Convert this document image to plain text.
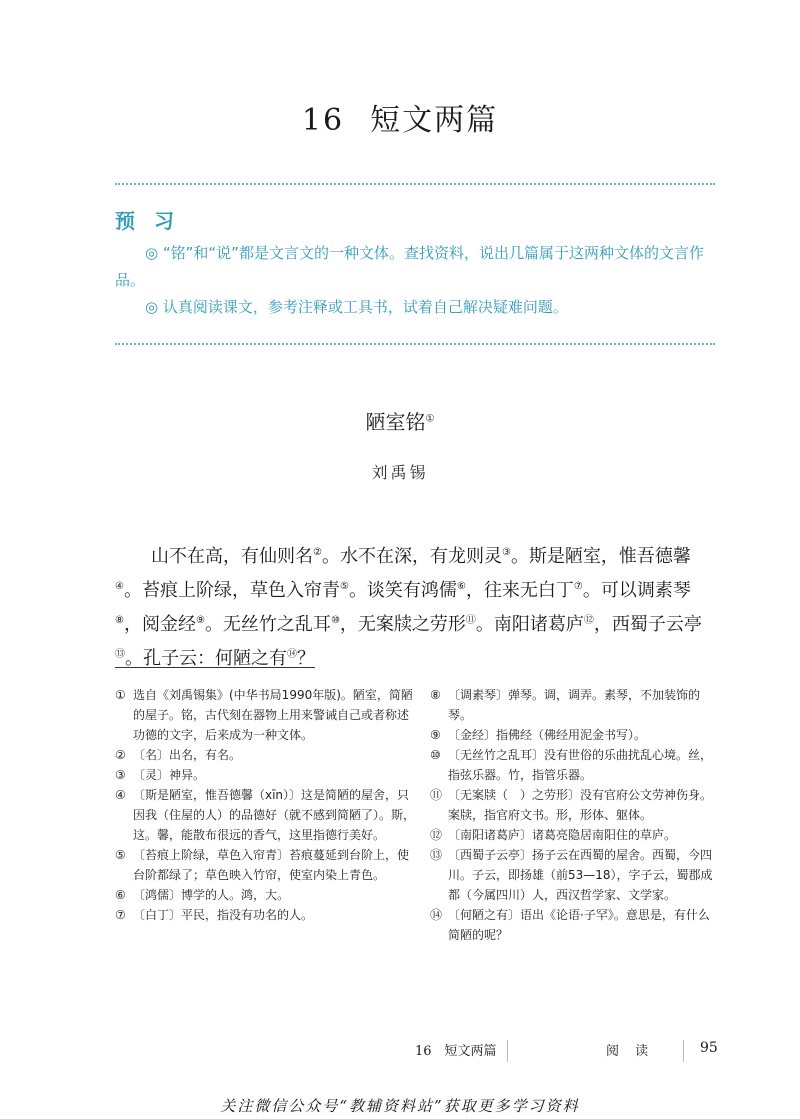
16 短文两篇
预 习
◎ “铭”和“说”都是文言文的一种文体。查找资料，说出几篇属于这两种文体的文言作品。
◎ 认真阅读课文，参考注释或工具书，试着自己解决疑难问题。
陋室铭①
刘禹锡
山不在高，有仙则名②。水不在深，有龙则灵③。斯是陋室，惟吾德馨④。苔痕上阶绿，草色入帘青⑤。谈笑有鸿儒⑥，往来无白丁⑦。可以调素琴⑧，阅金经⑨。无丝竹之乱耳⑩，无案牍之劳形⑪。南阳诸葛庐⑫，西蜀子云亭⑬。孔子云：何陋之有⑭？
① 选自《刘禹锡集》(中华书局1990年版)。陋室，简陋的屋子。铭，古代刻在器物上用来警诫自己或者称述功德的文字，后来成为一种文体。
② 〔名〕出名，有名。
③ 〔灵〕神异。
④ 〔斯是陋室，惟吾德馨（xīn）〕这是简陋的屋舍，只因我（住屋的人）的品德好（就不感到简陋了）。斯，这。馨，能散布很远的香气，这里指德行美好。
⑤ 〔苔痕上阶绿，草色入帘青〕苔痕蔓延到台阶上，使台阶都绿了；草色映入竹帘，使室内染上青色。
⑥ 〔鸿儒〕博学的人。鸿，大。
⑦ 〔白丁〕平民，指没有功名的人。
⑧ 〔调素琴〕弹琴。调，调弄。素琴，不加装饰的琴。
⑨ 〔金经〕指佛经（佛经用泥金书写）。
⑩ 〔无丝竹之乱耳〕没有世俗的乐曲扰乱心境。丝，指弦乐器。竹，指管乐器。
⑪ 〔无案牍（　）之劳形〕没有官府公文劳神伤身。案牍，指官府文书。形，形体、躯体。
⑫ 〔南阳诸葛庐〕诸葛亮隐居南阳住的草庐。
⑬ 〔西蜀子云亭〕扬子云在西蜀的屋舍。西蜀，今四川。子云，即扬雄（前53—18），字子云，蜀郡成都（今属四川）人，西汉哲学家、文学家。
⑭ 〔何陋之有〕语出《论语·子罕》。意思是，有什么简陋的呢？
16　短文两篇	阅 读	95
关注微信公众号“教辅资料站”获取更多学习资料
